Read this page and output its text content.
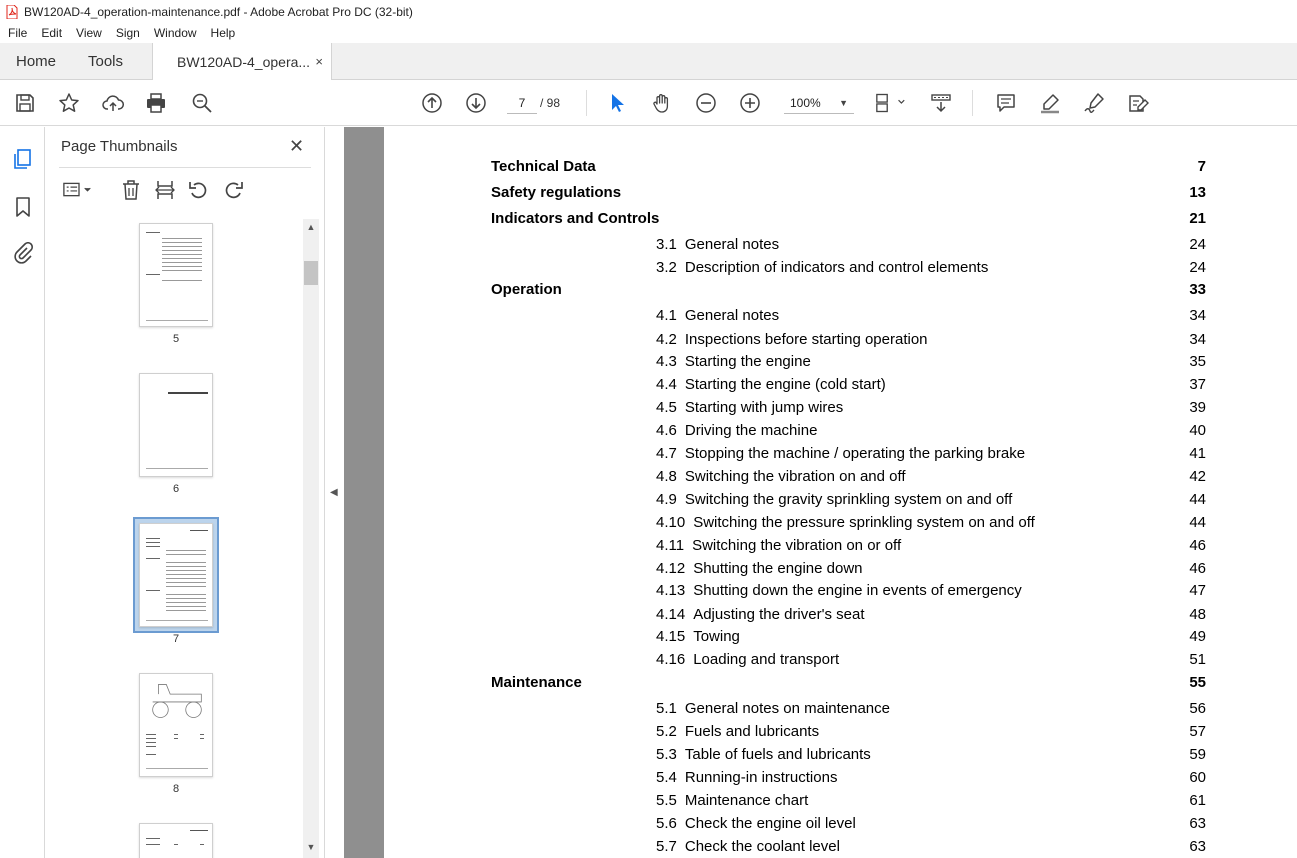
BW120AD-4_operation-maintenance.pdf - Adobe Acrobat Pro DC (32-bit)
File	Edit	View	Sign	Window	Help
Home	Tools	BW120AD-4_opera... ×
7	/ 98	100% ▼
Page Thumbnails	✕
5
6
7
8
▲
▼
◀
Technical Data	7
Safety regulations	13
Indicators and Controls	21
3.1 General notes	24
3.2 Description of indicators and control elements	24
Operation	33
4.1 General notes	34
4.2 Inspections before starting operation	34
4.3 Starting the engine	35
4.4 Starting the engine (cold start)	37
4.5 Starting with jump wires	39
4.6 Driving the machine	40
4.7 Stopping the machine / operating the parking brake	41
4.8 Switching the vibration on and off	42
4.9 Switching the gravity sprinkling system on and off	44
4.10 Switching the pressure sprinkling system on and off	44
4.11 Switching the vibration on or off	46
4.12 Shutting the engine down	46
4.13 Shutting down the engine in events of emergency	47
4.14 Adjusting the driver's seat	48
4.15 Towing	49
4.16 Loading and transport	51
Maintenance	55
5.1 General notes on maintenance	56
5.2 Fuels and lubricants	57
5.3 Table of fuels and lubricants	59
5.4 Running-in instructions	60
5.5 Maintenance chart	61
5.6 Check the engine oil level	63
5.7 Check the coolant level	63
